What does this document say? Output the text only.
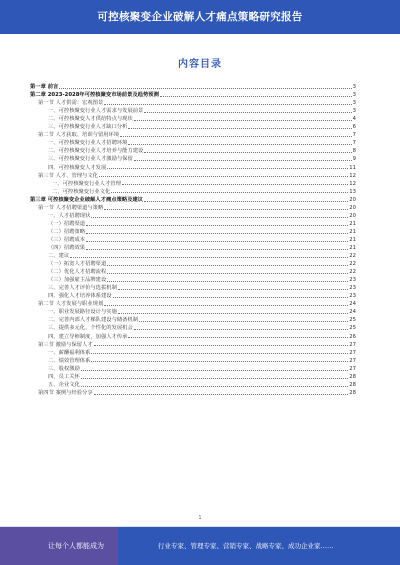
可控核聚变企业破解人才痛点策略研究报告
内容目录
第一章 前言	3
第二章 2023-2028年可控核聚变市场前景及趋势预测	3
第一节 人才供需：宏观图景	3
一、可控核聚变行业人才需求与发展前景	3
二、可控核聚变人才供给特点与现状	4
三、可控核聚变行业人才缺口分析	6
第二节 人才获取、培训与留用环境	7
一、可控核聚变行业人才招聘环境	7
二、可控核聚变行业人才培养与能力建设	8
三、可控核聚变行业人才激励与保留	9
四、可控核聚变人才发展	11
第三节 人才、管理与文化	12
一、可控核聚变行业人才管理	12
二、可控核聚变行业文化	13
第三章 可控核聚变企业破解人才痛点策略及建议	20
第一节 人才招聘渠道与策略	20
一、人才招聘现状	20
（一）招聘渠道	21
（二）招聘策略	21
（三）招聘成本	21
（四）招聘效果	21
二、建议	22
（一）拓宽人才招聘渠道	22
（二）优化人才招聘流程	22
（三）加强雇主品牌建设	23
三、完善人才评价与选拔机制	23
四、强化人才培养体系建设	23
第二节 人才发展与职业规划	24
一、职业发展路径设计与实施	24
二、完善内部人才梯队建设与储备机制	25
三、提供多元化、个性化的发展机会	25
四、建立导师制度，加强人才传承	26
第三节 激励与保留人才	27
一、薪酬福利体系	27
二、绩效管理体系	27
三、股权激励	27
四、员工关怀	28
五、企业文化	28
第四节 案例与经验分享	28
1
让每个人都能成为	行业专家、管理专家、营销专家、战略专家、成功企业家……
